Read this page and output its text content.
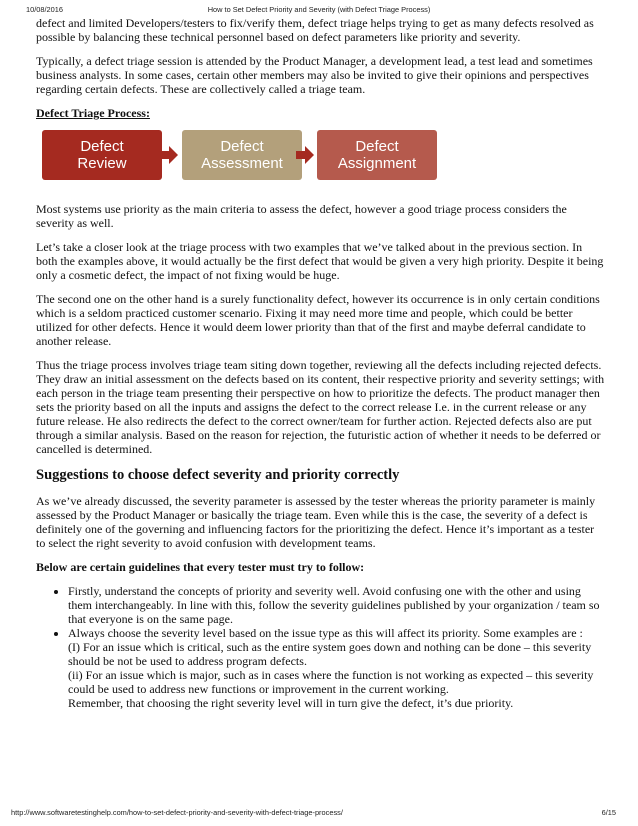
10/08/2016	How to Set Defect Priority and Severity (with Defect Triage Process)

defect and limited Developers/testers to fix/verify them, defect triage helps trying to get as many defects resolved as possible by balancing these technical personnel based on defect parameters like priority and severity.

Typically, a defect triage session is attended by the Product Manager, a development lead, a test lead and sometimes business analysts. In some cases, certain other members may also be invited to give their opinions and perspectives regarding certain defects. These are collectively called a triage team.

Defect Triage Process:

Defect
Review
Defect
Assessment
Defect
Assignment

Most systems use priority as the main criteria to assess the defect, however a good triage process considers the severity as well.

Let’s take a closer look at the triage process with two examples that we’ve talked about in the previous section. In both the examples above, it would actually be the first defect that would be given a very high priority. Despite it being only a cosmetic defect, the impact of not fixing would be huge.

The second one on the other hand is a surely functionality defect, however its occurrence is in only certain conditions which is a seldom practiced customer scenario. Fixing it may need more time and people, which could be better utilized for other defects. Hence it would deem lower priority than that of the first and maybe deferral candidate to another release.

Thus the triage process involves triage team siting down together, reviewing all the defects including rejected defects. They draw an initial assessment on the defects based on its content, their respective priority and severity settings; with each person in the triage team presenting their perspective on how to prioritize the defects. The product manager then sets the priority based on all the inputs and assigns the defect to the correct release I.e. in the current release or any future release. He also redirects the defect to the correct owner/team for further action. Rejected defects also are put through a similar analysis. Based on the reason for rejection, the futuristic action of whether it needs to be deferred or cancelled is determined.

Suggestions to choose defect severity and priority correctly

As we’ve already discussed, the severity parameter is assessed by the tester whereas the priority parameter is mainly assessed by the Product Manager or basically the triage team. Even while this is the case, the severity of a defect is definitely one of the governing and influencing factors for the prioritizing the defect. Hence it’s important as a tester to select the right severity to avoid confusion with development teams.

Below are certain guidelines that every tester must try to follow:

• Firstly, understand the concepts of priority and severity well. Avoid confusing one with the other and using them interchangeably. In line with this, follow the severity guidelines published by your organization / team so that everyone is on the same page.
• Always choose the severity level based on the issue type as this will affect its priority. Some examples are :
(I) For an issue which is critical, such as the entire system goes down and nothing can be done – this severity should be not be used to address program defects.
(ii) For an issue which is major, such as in cases where the function is not working as expected – this severity could be used to address new functions or improvement in the current working.
Remember, that choosing the right severity level will in turn give the defect, it’s due priority.
http://www.softwaretestinghelp.com/how-to-set-defect-priority-and-severity-with-defect-triage-process/	6/15
